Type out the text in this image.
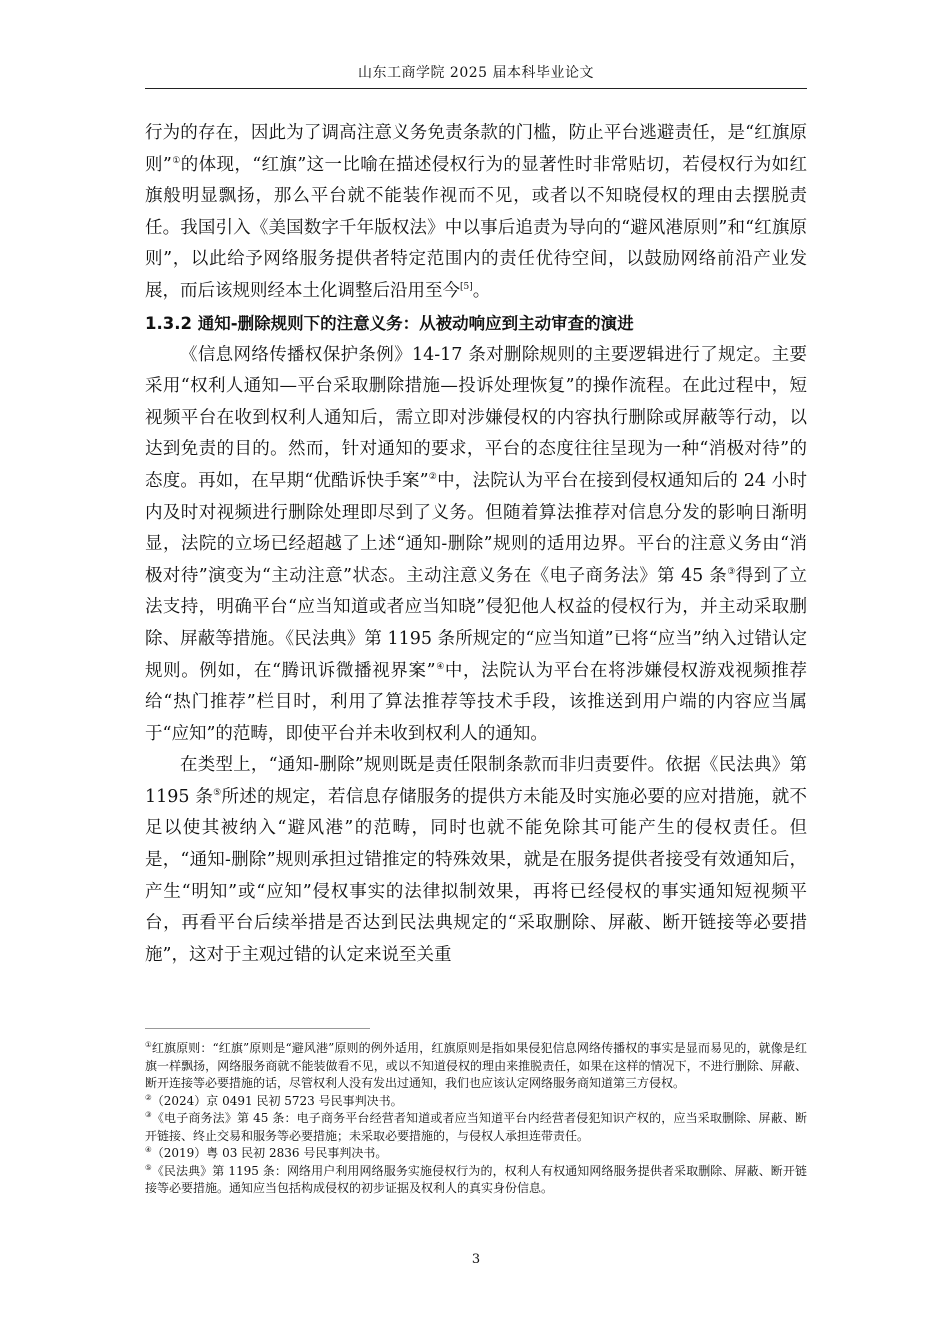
山东工商学院 2025 届本科毕业论文

行为的存在，因此为了调高注意义务免责条款的门槛，防止平台逃避责任，是“红旗原则”①的体现，“红旗”这一比喻在描述侵权行为的显著性时非常贴切，若侵权行为如红旗般明显飘扬，那么平台就不能装作视而不见，或者以不知晓侵权的理由去摆脱责任。我国引入《美国数字千年版权法》中以事后追责为导向的“避风港原则”和“红旗原则”，以此给予网络服务提供者特定范围内的责任优待空间，以鼓励网络前沿产业发展，而后该规则经本土化调整后沿用至今[5]。

1.3.2 通知-删除规则下的注意义务：从被动响应到主动审查的演进

《信息网络传播权保护条例》14-17 条对删除规则的主要逻辑进行了规定。主要采用“权利人通知—平台采取删除措施—投诉处理恢复”的操作流程。在此过程中，短视频平台在收到权利人通知后，需立即对涉嫌侵权的内容执行删除或屏蔽等行动，以达到免责的目的。然而，针对通知的要求，平台的态度往往呈现为一种“消极对待”的态度。再如，在早期“优酷诉快手案”②中，法院认为平台在接到侵权通知后的 24 小时内及时对视频进行删除处理即尽到了义务。但随着算法推荐对信息分发的影响日渐明显，法院的立场已经超越了上述“通知-删除”规则的适用边界。平台的注意义务由“消极对待”演变为“主动注意”状态。主动注意义务在《电子商务法》第 45 条③得到了立法支持，明确平台“应当知道或者应当知晓”侵犯他人权益的侵权行为，并主动采取删除、屏蔽等措施。《民法典》第 1195 条所规定的“应当知道”已将“应当”纳入过错认定规则。例如，在“腾讯诉微播视界案”④中，法院认为平台在将涉嫌侵权游戏视频推荐给“热门推荐”栏目时，利用了算法推荐等技术手段，该推送到用户端的内容应当属于“应知”的范畴，即使平台并未收到权利人的通知。

在类型上，“通知-删除”规则既是责任限制条款而非归责要件。依据《民法典》第 1195 条⑤所述的规定，若信息存储服务的提供方未能及时实施必要的应对措施，就不足以使其被纳入“避风港”的范畴，同时也就不能免除其可能产生的侵权责任。但是，“通知-删除”规则承担过错推定的特殊效果，就是在服务提供者接受有效通知后，产生“明知”或“应知”侵权事实的法律拟制效果，再将已经侵权的事实通知短视频平台，再看平台后续举措是否达到民法典规定的“采取删除、屏蔽、断开链接等必要措施”，这对于主观过错的认定来说至关重

①红旗原则：“红旗”原则是“避风港”原则的例外适用，红旗原则是指如果侵犯信息网络传播权的事实是显而易见的，就像是红旗一样飘扬，网络服务商就不能装做看不见，或以不知道侵权的理由来推脱责任，如果在这样的情况下，不进行删除、屏蔽、断开连接等必要措施的话，尽管权利人没有发出过通知，我们也应该认定网络服务商知道第三方侵权。

②（2024）京 0491 民初 5723 号民事判决书。

③《电子商务法》第 45 条：电子商务平台经营者知道或者应当知道平台内经营者侵犯知识产权的，应当采取删除、屏蔽、断开链接、终止交易和服务等必要措施；未采取必要措施的，与侵权人承担连带责任。

④（2019）粤 03 民初 2836 号民事判决书。

⑤《民法典》第 1195 条：网络用户利用网络服务实施侵权行为的，权利人有权通知网络服务提供者采取删除、屏蔽、断开链接等必要措施。通知应当包括构成侵权的初步证据及权利人的真实身份信息。

3
